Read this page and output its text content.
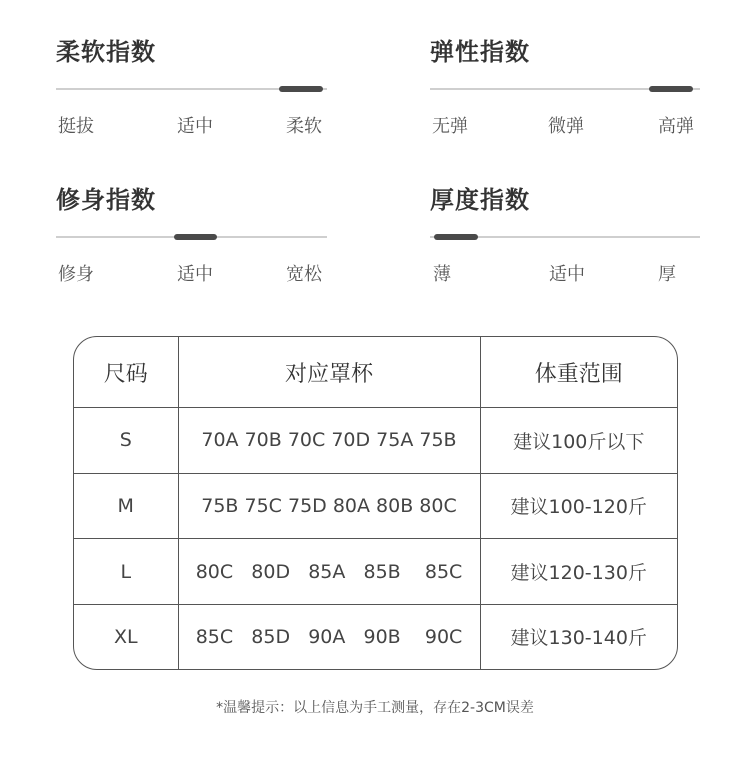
柔软指数
挺拔	适中	柔软
弹性指数
无弹	微弹	高弹
修身指数
修身	适中	宽松
厚度指数
薄	适中	厚
尺码	对应罩杯	体重范围
S	70A 70B 70C 70D 75A 75B	建议100斤以下
M	75B 75C 75D 80A 80B 80C	建议100-120斤
L	80C   80D   85A   85B    85C	建议120-130斤
XL	85C   85D   90A   90B    90C	建议130-140斤
*温馨提示：以上信息为手工测量，存在2-3CM误差
